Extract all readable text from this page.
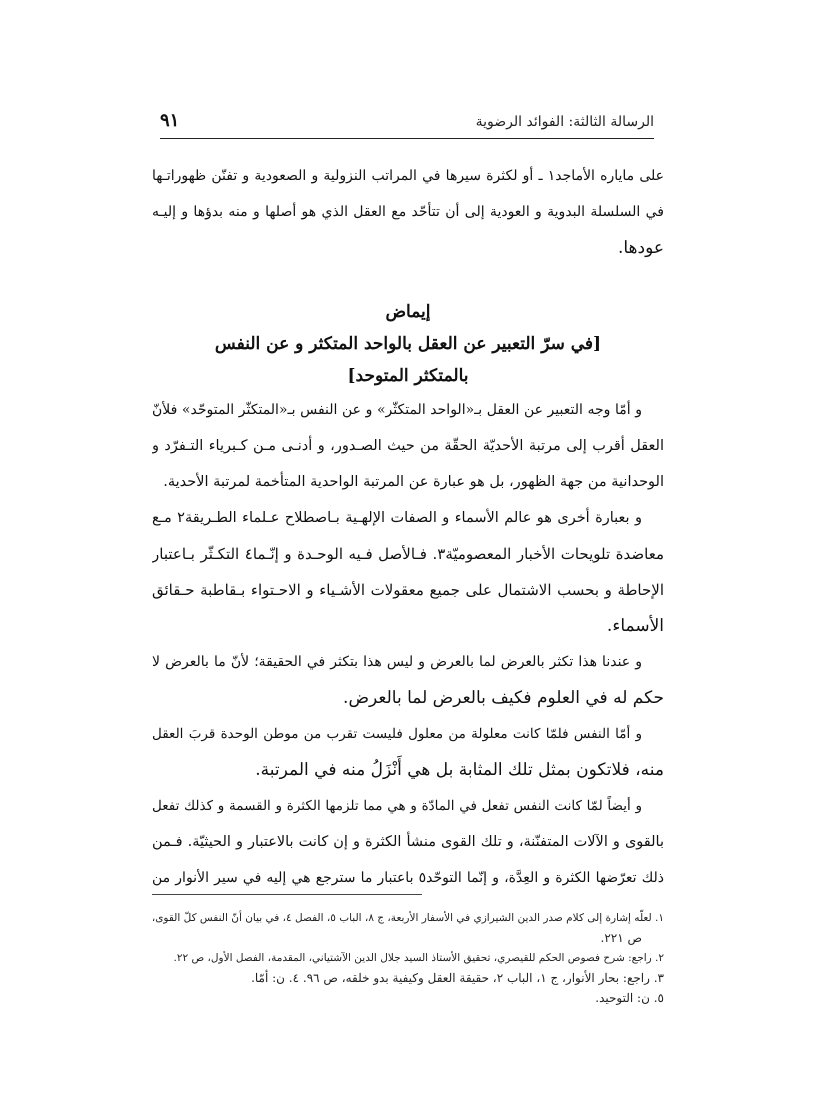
الرسالة الثالثة: الفوائد الرضوية
٩١
على ماياره الأماجد١ ـ أو لكثرة سيرها في المراتب النزولية و الصعودية و تفنّن ظهوراتـها
في السلسلة البدوية و العودية إلى أن تتأحّد مع العقل الذي هو أصلها و منه بدؤها و إليـه
عودها.
إيماض
[في سرّ التعبير عن العقل بالواحد المتكثر و عن النفس
بالمتكثر المتوحد]
و أمّا وجه التعبير عن العقل بـ«الواحد المتكثّر» و عن النفس بـ«المتكثّر المتوحّد» فلأنّ
العقل أقرب إلى مرتبة الأحديّة الحقّة من حيث الصـدور، و أدنـى مـن كـبرياء التـفرّد و
الوحدانية من جهة الظهور، بل هو عبارة عن المرتبة الواحدية المتأخمة لمرتبة الأحدية.
و بعبارة أخرى هو عالم الأسماء و الصفات الإلهـية بـاصطلاح عـلماء الطـريقة٢ مـع
معاضدة تلويحات الأخبار المعصوميّة٣. فـالأصل فـيه الوحـدة و إنّـما٤ التكـثّر بـاعتبار
الإحاطة و بحسب الاشتمال على جميع معقولات الأشـياء و الاحـتواء بـقاطبة حـقائق
الأسماء.
و عندنا هذا تكثر بالعرض لما بالعرض و ليس هذا بتكثر في الحقيقة؛ لأنّ ما بالعرض لا
حكم له في العلوم فكيف بالعرض لما بالعرض.
و أمّا النفس فلمّا كانت معلولة من معلول فليست تقرب من موطن الوحدة قربَ العقل
منه، فلاتكون بمثل تلك المثابة بل هي أَنْزَلُ منه في المرتبة.
و أيضاً لمّا كانت النفس تفعل في المادّة و هي مما تلزمها الكثرة و القسمة و كذلك تفعل
بالقوى و الآلات المتفنّنة، و تلك القوى منشأ الكثرة و إن كانت بالاعتبار و الحيثيّة. فـمن
ذلك تعرّضها الكثرة و العِدَّة، و إنّما التوحّد٥ باعتبار ما سترجع هي إليه في سير الأنوار من
١. لعلّه إشارة إلى كلام صدر الدين الشيرازي في الأسفار الأربعة، ج ٨، الباب ٥، الفصل ٤، في بيان أنّ النفس كلّ القوى،
ص ٢٢١.
٢. راجع: شرح فصوص الحكم للقيصري، تحقيق الأستاذ السيد جلال الدين الآشتياني، المقدمة، الفصل الأول، ص ٢٢.
٣. راجع: بحار الأنوار، ج ١، الباب ٢، حقيقة العقل وكيفية بدو خلقه، ص ٩٦. ٤. ن: أمّا.
٥. ن: التوحيد.
